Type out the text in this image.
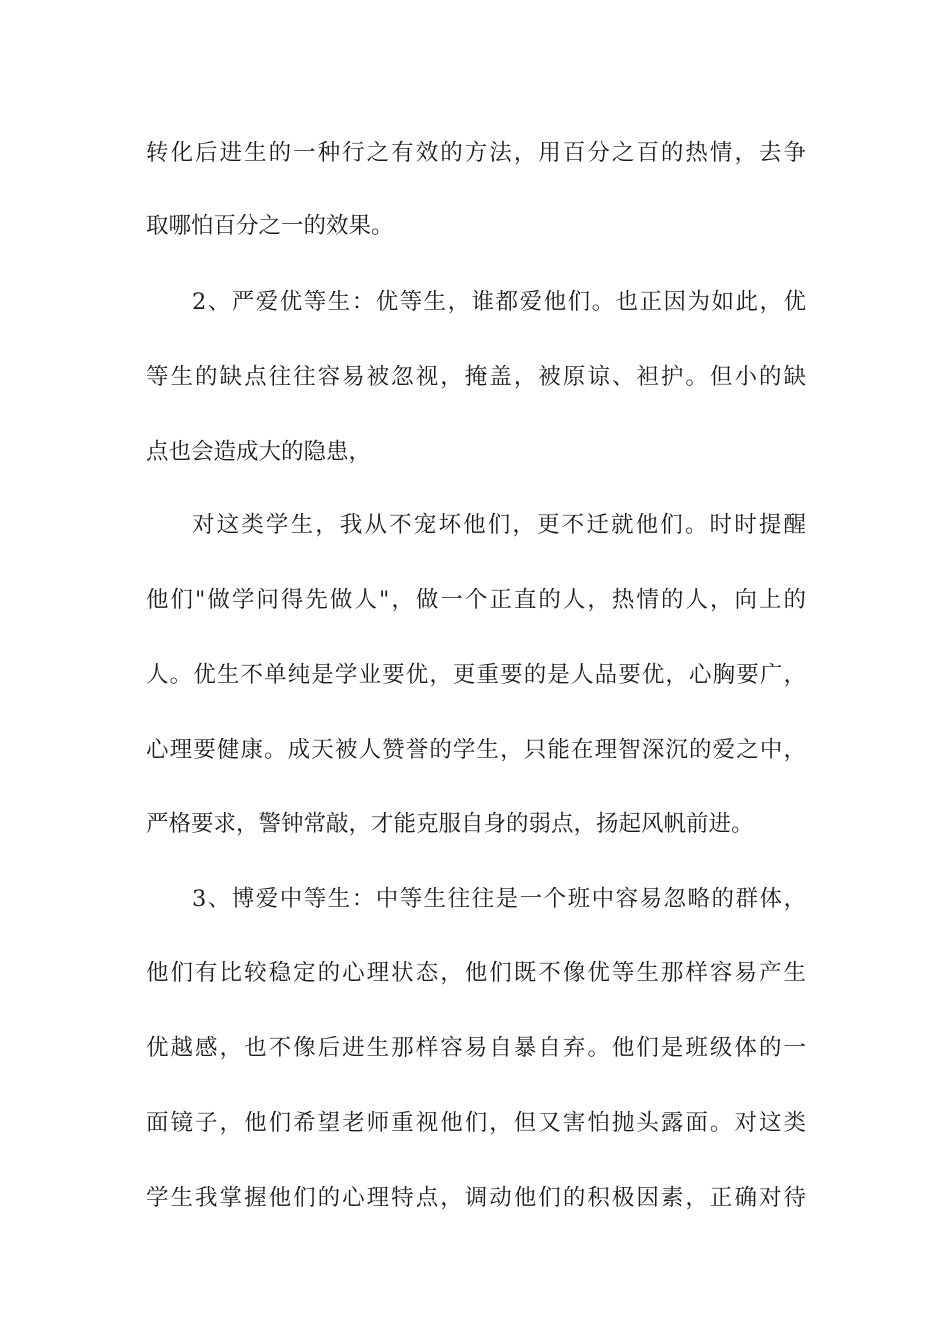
转化后进生的一种行之有效的方法，用百分之百的热情，去争
取哪怕百分之一的效果。
2、严爱优等生：优等生，谁都爱他们。也正因为如此，优
等生的缺点往往容易被忽视，掩盖，被原谅、袒护。但小的缺
点也会造成大的隐患，
对这类学生，我从不宠坏他们，更不迁就他们。时时提醒
他们"做学问得先做人"，做一个正直的人，热情的人，向上的
人。优生不单纯是学业要优，更重要的是人品要优，心胸要广，
心理要健康。成天被人赞誉的学生，只能在理智深沉的爱之中，
严格要求，警钟常敲，才能克服自身的弱点，扬起风帆前进。
3、博爱中等生：中等生往往是一个班中容易忽略的群体，
他们有比较稳定的心理状态，他们既不像优等生那样容易产生
优越感，也不像后进生那样容易自暴自弃。他们是班级体的一
面镜子，他们希望老师重视他们，但又害怕抛头露面。对这类
学生我掌握他们的心理特点，调动他们的积极因素，正确对待
